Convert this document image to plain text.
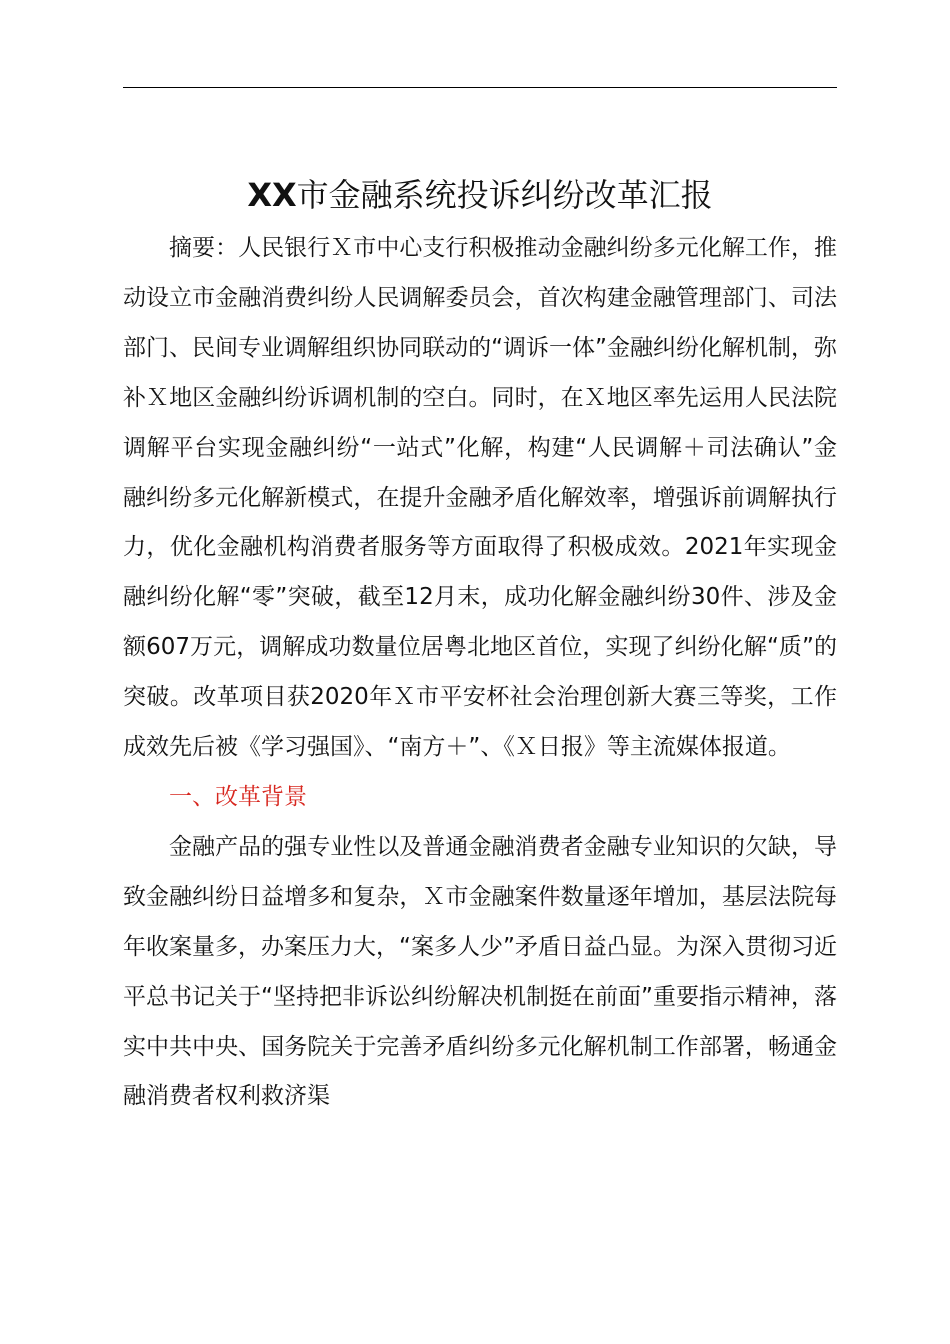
XX市金融系统投诉纠纷改革汇报

摘要：人民银行Ｘ市中心支行积极推动金融纠纷多元化解工作，推动设立市金融消费纠纷人民调解委员会，首次构建金融管理部门、司法部门、民间专业调解组织协同联动的“调诉一体”金融纠纷化解机制，弥补Ｘ地区金融纠纷诉调机制的空白。同时，在Ｘ地区率先运用人民法院调解平台实现金融纠纷“一站式”化解，构建“人民调解＋司法确认”金融纠纷多元化解新模式，在提升金融矛盾化解效率，增强诉前调解执行力，优化金融机构消费者服务等方面取得了积极成效。2021年实现金融纠纷化解“零”突破，截至12月末，成功化解金融纠纷30件、涉及金额607万元，调解成功数量位居粤北地区首位，实现了纠纷化解“质”的突破。改革项目获2020年Ｘ市平安杯社会治理创新大赛三等奖，工作成效先后被《学习强国》、“南方＋”、《Ｘ日报》等主流媒体报道。

一、改革背景

金融产品的强专业性以及普通金融消费者金融专业知识的欠缺，导致金融纠纷日益增多和复杂，Ｘ市金融案件数量逐年增加，基层法院每年收案量多，办案压力大，“案多人少”矛盾日益凸显。为深入贯彻习近平总书记关于“坚持把非诉讼纠纷解决机制挺在前面”重要指示精神，落实中共中央、国务院关于完善矛盾纠纷多元化解机制工作部署，畅通金融消费者权利救济渠
